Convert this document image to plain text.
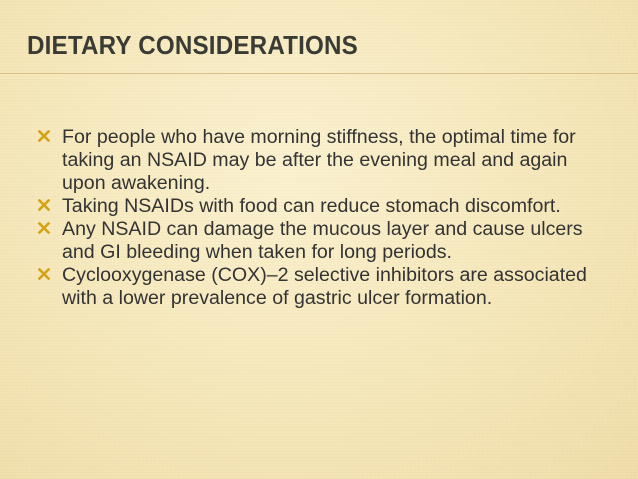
DIETARY CONSIDERATIONS
For people who have morning stiffness, the optimal time for taking an NSAID may be after the evening meal and again upon awakening.
Taking NSAIDs with food can reduce stomach discomfort.
Any NSAID can damage the mucous layer and cause ulcers and GI bleeding when taken for long periods.
Cyclooxygenase (COX)–2 selective inhibitors are associated with a lower prevalence of gastric ulcer formation.
